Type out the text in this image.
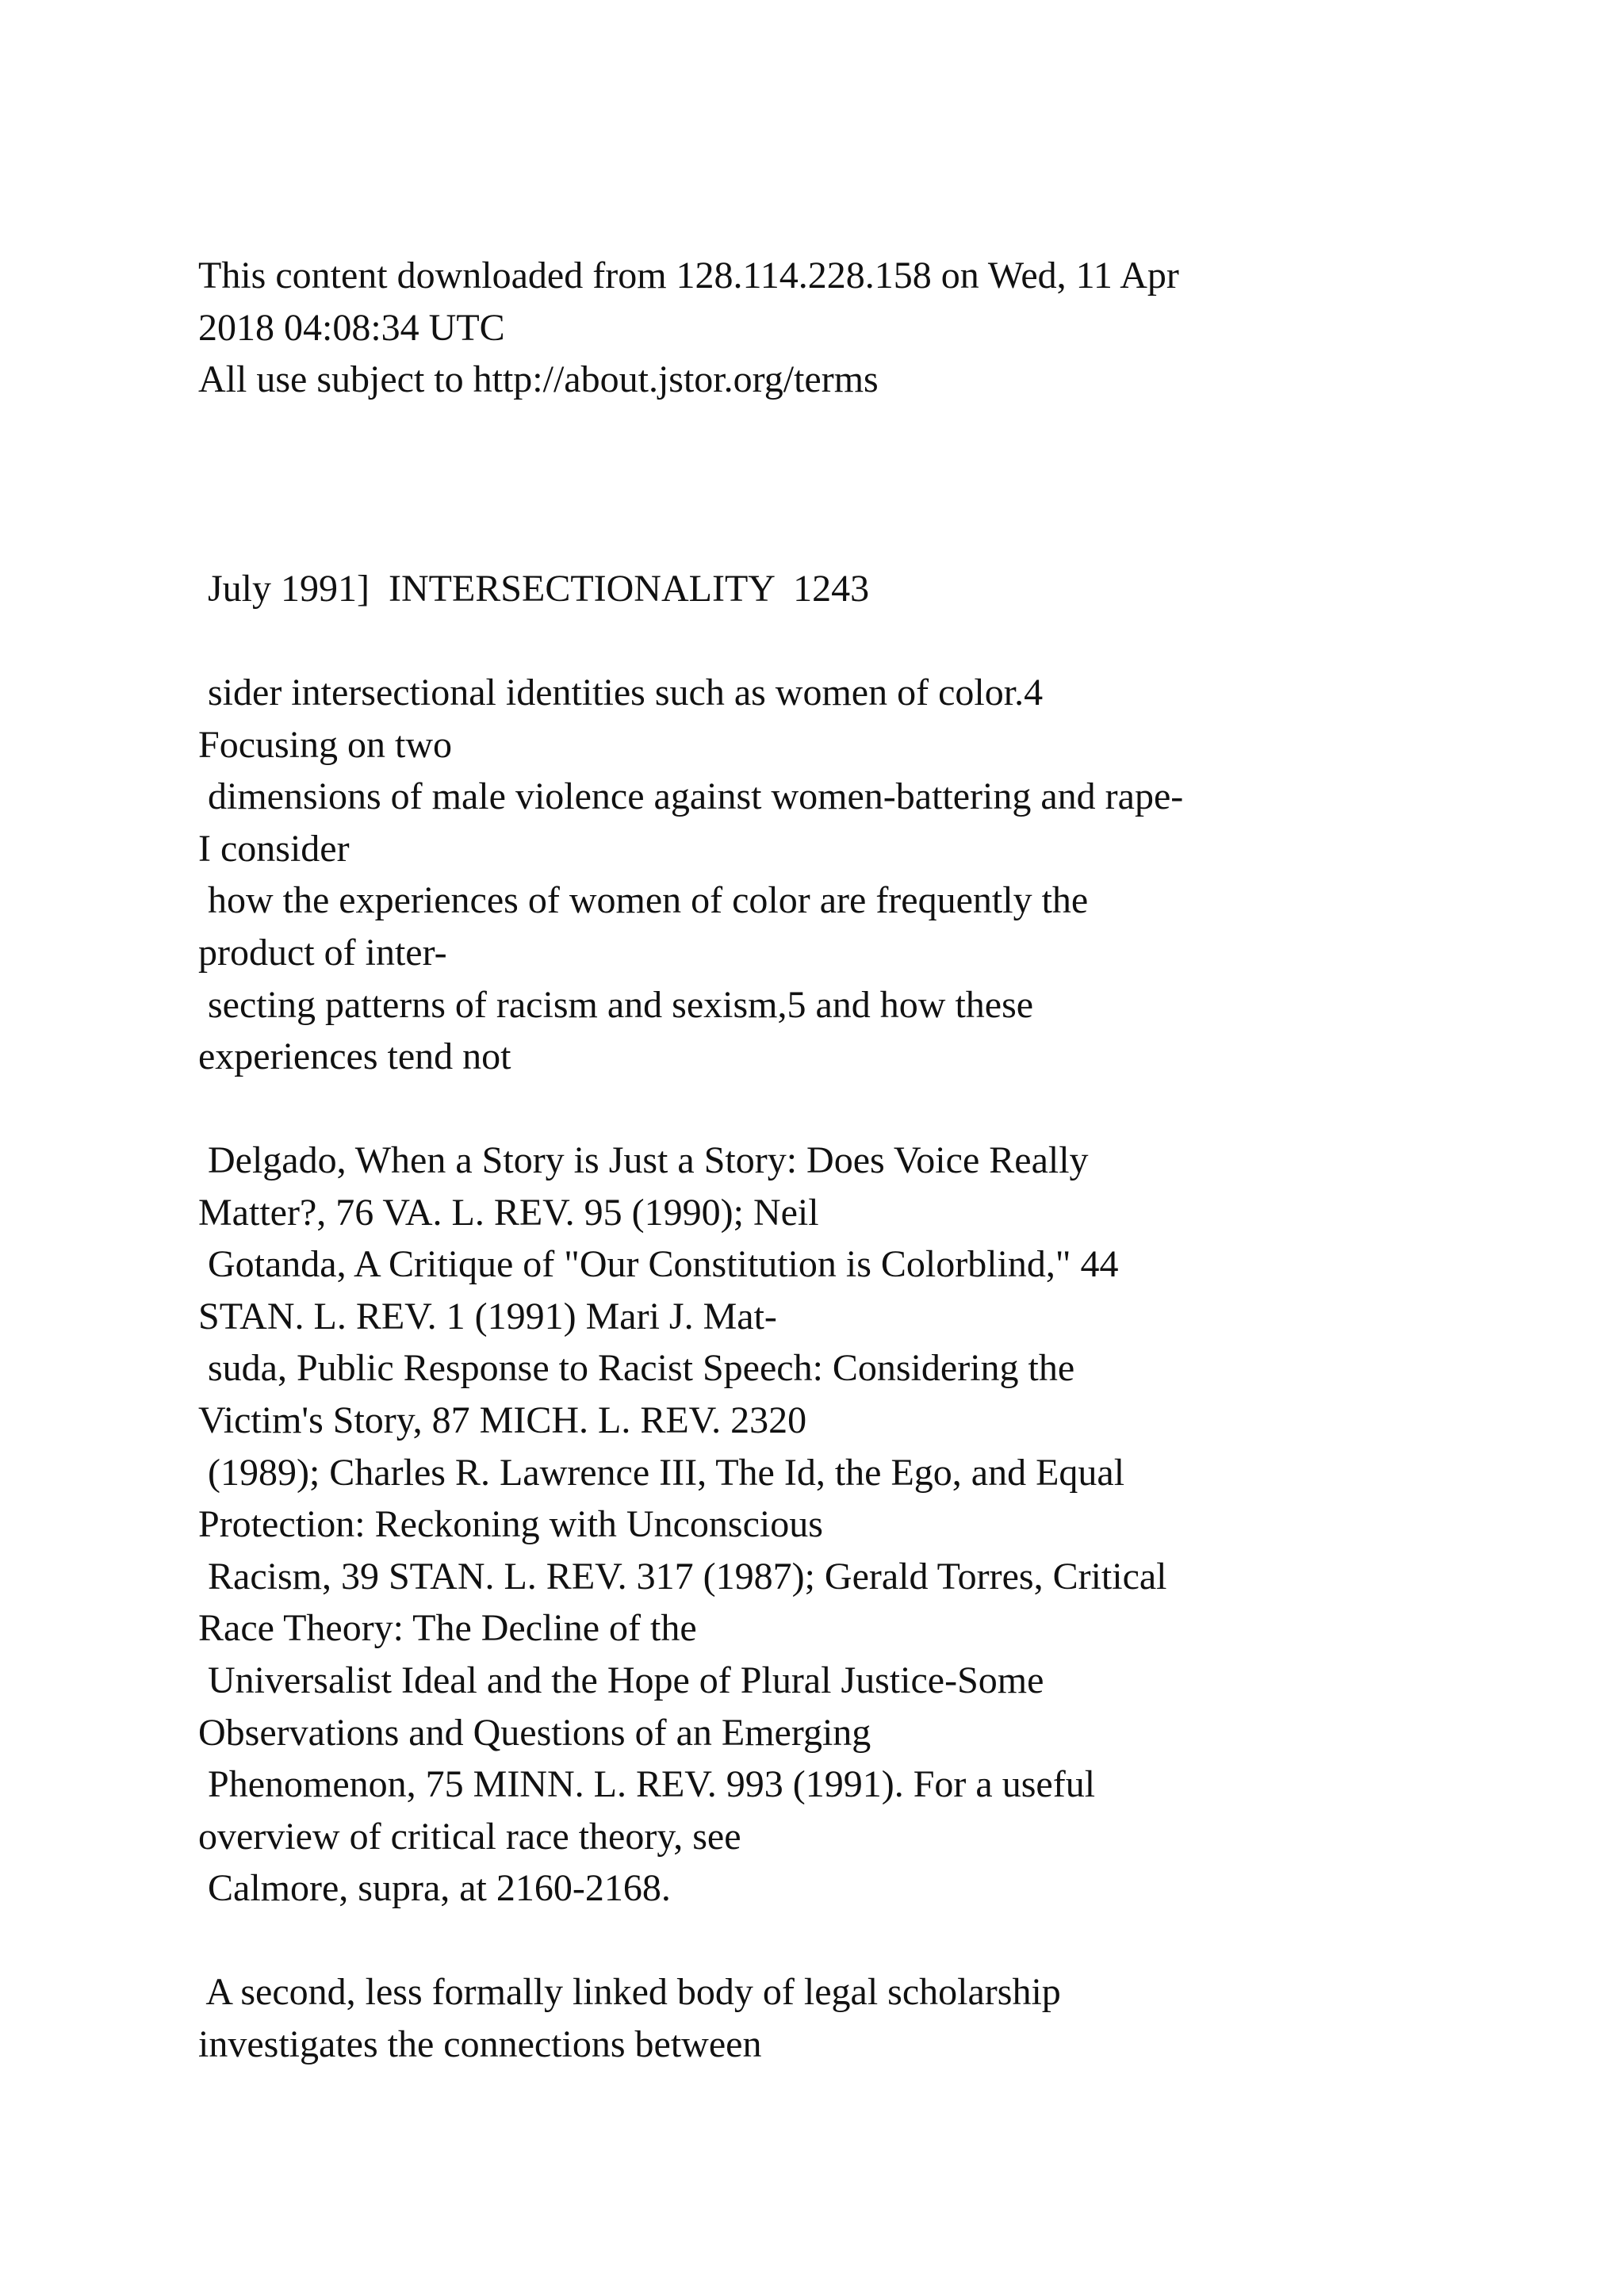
This content downloaded from 128.114.228.158 on Wed, 11 Apr
2018 04:08:34 UTC
All use subject to http://about.jstor.org/terms
July 1991]  INTERSECTIONALITY  1243
sider intersectional identities such as women of color.4
Focusing on two
dimensions of male violence against women-battering and rape-
I consider
how the experiences of women of color are frequently the
product of inter-
secting patterns of racism and sexism,5 and how these
experiences tend not
Delgado, When a Story is Just a Story: Does Voice Really
Matter?, 76 VA. L. REV. 95 (1990); Neil
Gotanda, A Critique of "Our Constitution is Colorblind," 44
STAN. L. REV. 1 (1991) Mari J. Mat-
suda, Public Response to Racist Speech: Considering the
Victim's Story, 87 MICH. L. REV. 2320
(1989); Charles R. Lawrence III, The Id, the Ego, and Equal
Protection: Reckoning with Unconscious
Racism, 39 STAN. L. REV. 317 (1987); Gerald Torres, Critical
Race Theory: The Decline of the
Universalist Ideal and the Hope of Plural Justice-Some
Observations and Questions of an Emerging
Phenomenon, 75 MINN. L. REV. 993 (1991). For a useful
overview of critical race theory, see
Calmore, supra, at 2160-2168.
A second, less formally linked body of legal scholarship
investigates the connections between
